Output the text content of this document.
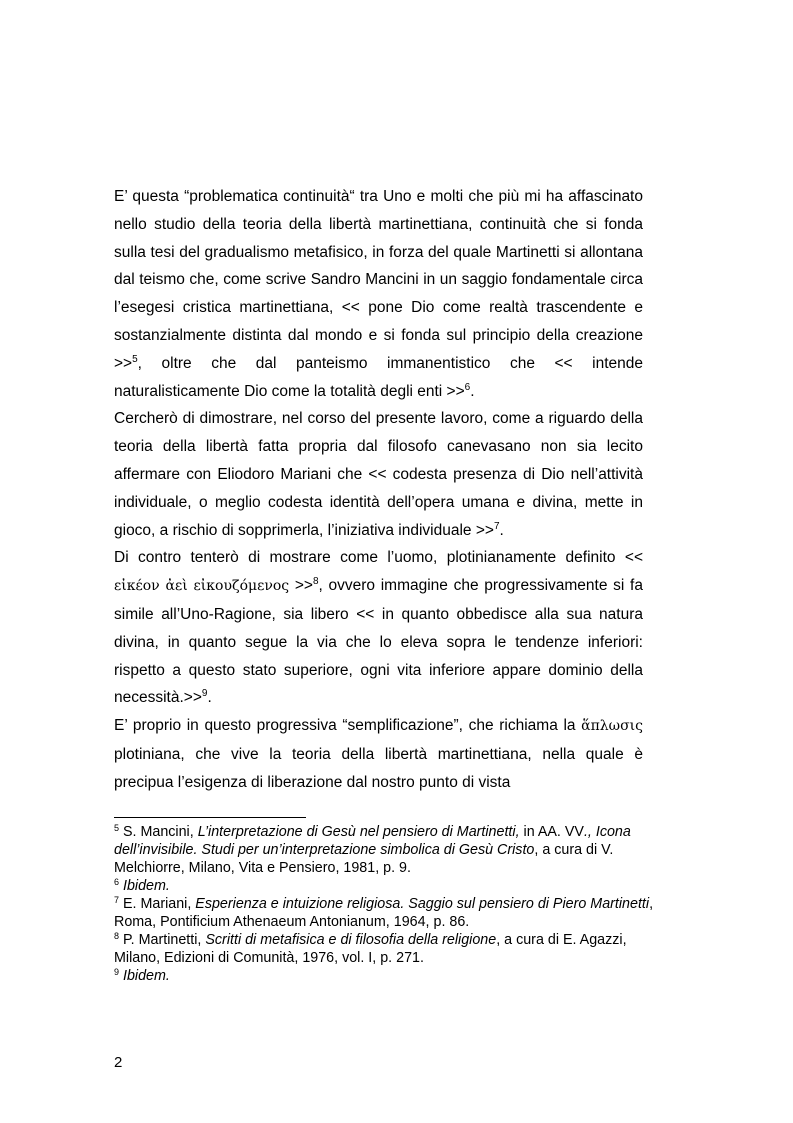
E’ questa “problematica continuità“ tra Uno e molti che più mi ha affascinato nello studio della teoria della libertà martinettiana, continuità che si fonda sulla tesi del gradualismo metafisico, in forza del quale Martinetti si allontana dal teismo che, come scrive Sandro Mancini in un saggio fondamentale circa l’esegesi cristica martinettiana, << pone Dio come realtà trascendente e sostanzialmente distinta dal mondo e si fonda sul principio della creazione >>$^5$, oltre che dal panteismo immanentistico che << intende naturalisticamente Dio come la totalità degli enti >>$^6$.

Cercherò di dimostrare, nel corso del presente lavoro, come a riguardo della teoria della libertà fatta propria dal filosofo canevasano non sia lecito affermare con Eliodoro Mariani che << codesta presenza di Dio nell’attività individuale, o meglio codesta identità dell’opera umana e divina, mette in gioco, a rischio di sopprimerla, l’iniziativa individuale >>$^7$.

Di contro tenterò di mostrare come l’uomo, plotinianamente definito << εἰκέον ἀεὶ εἰκουζόμενος >>$^8$, ovvero immagine che progressivamente si fa simile all’Uno-Ragione, sia libero << in quanto obbedisce alla sua natura divina, in quanto segue la via che lo eleva sopra le tendenze inferiori: rispetto a questo stato superiore, ogni vita inferiore appare dominio della necessità.>>$^9$.

E’ proprio in questo progressiva “semplificazione”, che richiama la ἅπλωσις plotiniana, che vive la teoria della libertà martinettiana, nella quale è precipua l’esigenza di liberazione dal nostro punto di vista

$^5$ S. Mancini, L’interpretazione di Gesù nel pensiero di Martinetti, in AA. VV., Icona dell’invisibile. Studi per un’interpretazione simbolica di Gesù Cristo, a cura di V. Melchiorre, Milano, Vita e Pensiero, 1981, p. 9.

$^6$ Ibidem.

$^7$ E. Mariani, Esperienza e intuizione religiosa. Saggio sul pensiero di Piero Martinetti, Roma, Pontificium Athenaeum Antonianum, 1964, p. 86.

$^8$ P. Martinetti, Scritti di metafisica e di filosofia della religione, a cura di E. Agazzi, Milano, Edizioni di Comunità, 1976, vol. I, p. 271.

$^9$ Ibidem.

2
